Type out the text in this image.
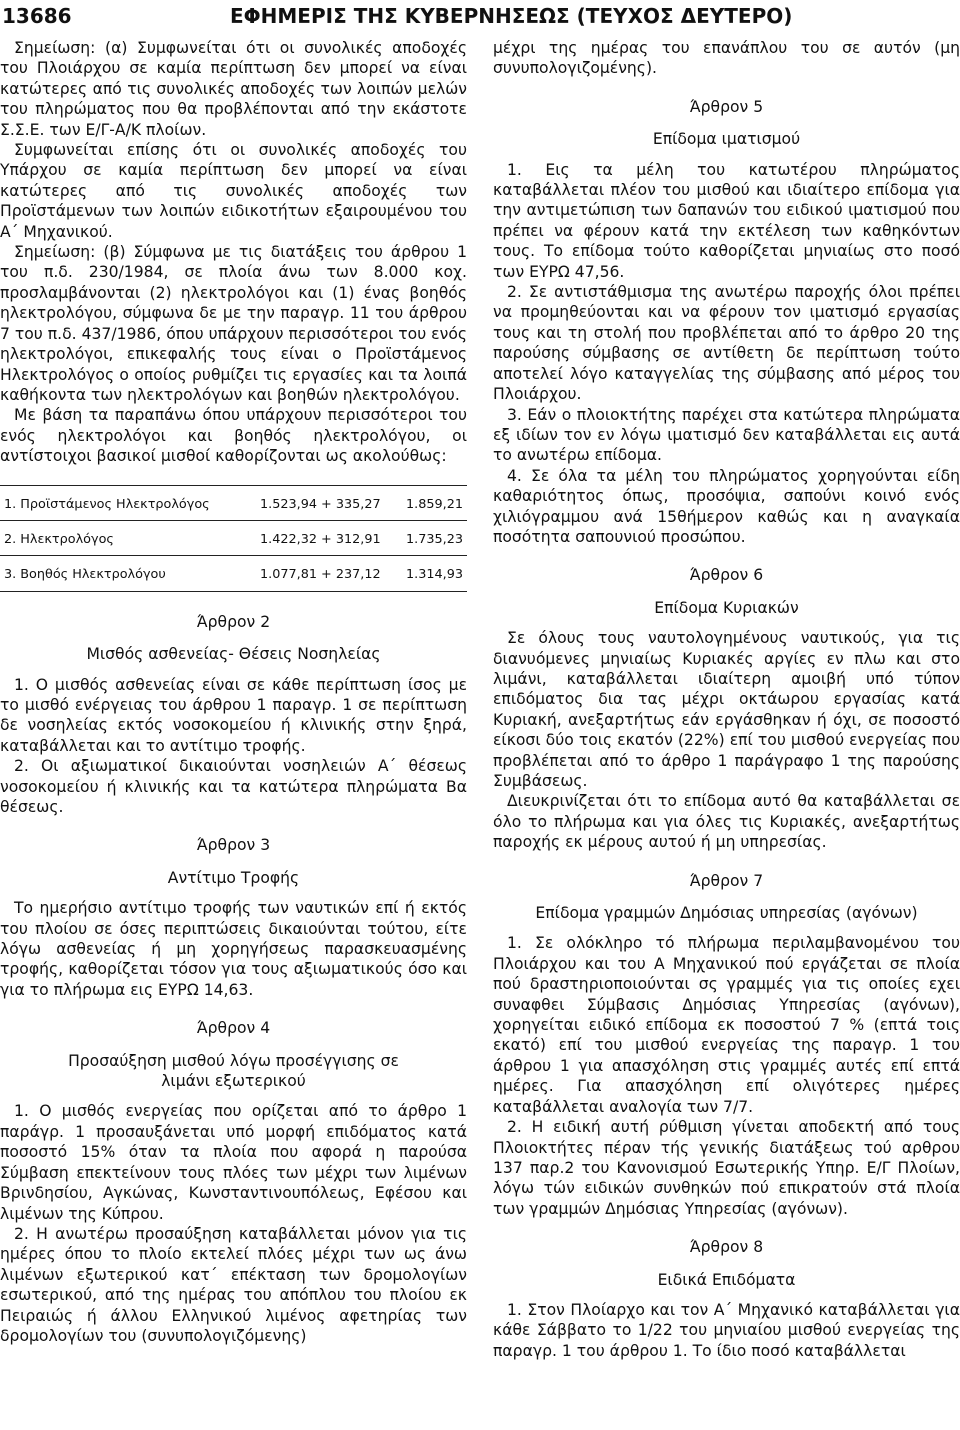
13686	ΕΦΗΜΕΡΙΣ ΤΗΣ ΚΥΒΕΡΝΗΣΕΩΣ (ΤΕΥΧΟΣ ΔΕΥΤΕΡΟ)

Σημείωση: (α) Συμφωνείται ότι οι συνολικές αποδοχές του Πλοιάρχου σε καμία περίπτωση δεν μπορεί να είναι κατώτερες από τις συνολικές αποδοχές των λοιπών μελών του πληρώματος που θα προβλέπονται από την εκάστοτε Σ.Σ.Ε. των Ε/Γ-Α/Κ πλοίων.

Συμφωνείται επίσης ότι οι συνολικές αποδοχές του Υπάρχου σε καμία περίπτωση δεν μπορεί να είναι κατώτερες από τις συνολικές αποδοχές των Προϊστάμενων των λοιπών ειδικοτήτων εξαιρουμένου του Α΄ Μηχανικού.

Σημείωση: (β) Σύμφωνα με τις διατάξεις του άρθρου 1 του π.δ. 230/1984, σε πλοία άνω των 8.000 κοχ. προσλαμβάνονται (2) ηλεκτρολόγοι και (1) ένας βοηθός ηλεκτρολόγου, σύμφωνα δε με την παραγρ. 11 του άρθρου 7 του π.δ. 437/1986, όπου υπάρχουν περισσότεροι του ενός ηλεκτρολόγοι, επικεφαλής τους είναι ο Προϊστάμενος Ηλεκτρολόγος ο οποίος ρυθμίζει τις εργασίες και τα λοιπά καθήκοντα των ηλεκτρολόγων και βοηθών ηλεκτρολόγου.

Με βάση τα παραπάνω όπου υπάρχουν περισσότεροι του ενός ηλεκτρολόγοι και βοηθός ηλεκτρολόγου, οι αντίστοιχοι βασικοί μισθοί καθορίζονται ως ακολούθως:

1. Προϊστάμενος Ηλεκτρολόγος	1.523,94 + 335,27	1.859,21
2. Ηλεκτρολόγος	1.422,32 + 312,91	1.735,23
3. Βοηθός Ηλεκτρολόγου	1.077,81 + 237,12	1.314,93
Άρθρον 2
Μισθός ασθενείας- Θέσεις Νοσηλείας

1. Ο μισθός ασθενείας είναι σε κάθε περίπτωση ίσος με το μισθό ενέργειας του άρθρου 1 παραγρ. 1 σε περίπτωση δε νοσηλείας εκτός νοσοκομείου ή κλινικής στην ξηρά, καταβάλλεται και το αντίτιμο τροφής.

2. Οι αξιωματικοί δικαιούνται νοσηλειών Α΄ θέσεως νοσοκομείου ή κλινικής και τα κατώτερα πληρώματα Βα θέσεως.

Άρθρον 3
Αντίτιμο Τροφής

Το ημερήσιο αντίτιμο τροφής των ναυτικών επί ή εκτός του πλοίου σε όσες περιπτώσεις δικαιούνται τούτου, είτε λόγω ασθενείας ή μη χορηγήσεως παρασκευασμένης τροφής, καθορίζεται τόσον για τους αξιωματικούς όσο και για το πλήρωμα εις ΕΥΡΩ 14,63.

Άρθρον 4
Προσαύξηση μισθού λόγω προσέγγισης σε
λιμάνι εξωτερικού

1. Ο μισθός ενεργείας που ορίζεται από το άρθρο 1 παράγρ. 1 προσαυξάνεται υπό μορφή επιδόματος κατά ποσοστό 15% όταν τα πλοία που αφορά η παρούσα Σύμβαση επεκτείνουν τους πλόες των μέχρι των λιμένων Βρινδησίου, Αγκώνας, Κωνσταντινουπόλεως, Εφέσου και λιμένων της Κύπρου.

2. Η ανωτέρω προσαύξηση καταβάλλεται μόνον για τις ημέρες όπου το πλοίο εκτελεί πλόες μέχρι των ως άνω λιμένων εξωτερικού κατ΄ επέκταση των δρομολογίων εσωτερικού, από της ημέρας του απόπλου του πλοίου εκ Πειραιώς ή άλλου Ελληνικού λιμένος αφετηρίας των δρομολογίων του (συνυπολογιζόμενης)

μέχρι της ημέρας του επανάπλου του σε αυτόν (μη συνυπολογιζομένης).

Άρθρον 5
Επίδομα ιματισμού

1. Εις τα μέλη του κατωτέρου πληρώματος καταβάλλεται πλέον του μισθού και ιδιαίτερο επίδομα για την αντιμετώπιση των δαπανών του ειδικού ιματισμού που πρέπει να φέρουν κατά την εκτέλεση των καθηκόντων τους. Το επίδομα τούτο καθορίζεται μηνιαίως στο ποσό των ΕΥΡΩ 47,56.

2. Σε αντιστάθμισμα της ανωτέρω παροχής όλοι πρέπει να προμηθεύονται και να φέρουν τον ιματισμό εργασίας τους και τη στολή που προβλέπεται από το άρθρο 20 της παρούσης σύμβασης σε αντίθετη δε περίπτωση τούτο αποτελεί λόγο καταγγελίας της σύμβασης από μέρος του Πλοιάρχου.

3. Εάν ο πλοιοκτήτης παρέχει στα κατώτερα πληρώματα εξ ιδίων τον εν λόγω ιματισμό δεν καταβάλλεται εις αυτά το ανωτέρω επίδομα.

4. Σε όλα τα μέλη του πληρώματος χορηγούνται είδη καθαριότητος όπως, προσόψια, σαπούνι κοινό ενός χιλιόγραμμου ανά 15θήμερον καθώς και η αναγκαία ποσότητα σαπουνιού προσώπου.

Άρθρον 6
Επίδομα Κυριακών

Σε όλους τους ναυτολογημένους ναυτικούς, για τις διανυόμενες μηνιαίως Κυριακές αργίες εν πλω και στο λιμάνι, καταβάλλεται ιδιαίτερη αμοιβή υπό τύπον επιδόματος δια τας μέχρι οκτάωρου εργασίας κατά Κυριακή, ανεξαρτήτως εάν εργάσθηκαν ή όχι, σε ποσοστό είκοσι δύο τοις εκατόν (22%) επί του μισθού ενεργείας που προβλέπεται από το άρθρο 1 παράγραφο 1 της παρούσης Συμβάσεως.

Διευκρινίζεται ότι το επίδομα αυτό θα καταβάλλεται σε όλο το πλήρωμα και για όλες τις Κυριακές, ανεξαρτήτως παροχής εκ μέρους αυτού ή μη υπηρεσίας.

Άρθρον 7
Επίδομα γραμμών Δημόσιας υπηρεσίας (αγόνων)

1. Σε ολόκληρο τό πλήρωμα περιλαμβανομένου του Πλοιάρχου και του Α Μηχανικού πού εργάζεται σε πλοία πού δραστηριοποιούνται σς γραμμές για τις οποίες εχει συναφθει Σύμβασις Δημόσιας Υπηρεσίας (αγόνων), χορηγείται ειδικό επίδομα εκ ποσοστού 7 % (επτά τοις εκατό) επί του μισθού ενεργείας της παραγρ. 1 του άρθρου 1 για απασχόληση στις γραμμές αυτές επί επτά ημέρες. Για απασχόληση επί ολιγότερες ημέρες καταβάλλεται αναλογία των 7/7.

2. Η ειδική αυτή ρύθμιση γίνεται αποδεκτή από τους Πλοιοκτήτες πέραν τής γενικής διατάξεως τού αρθρου 137 παρ.2 του Κανονισμού Εσωτερικής Υπηρ. Ε/Γ Πλοίων, λόγω τών ειδικών συνθηκών πού επικρατούν στά πλοία των γραμμών Δημόσιας Υπηρεσίας (αγόνων).

Άρθρον 8
Ειδικά Επιδόματα

1. Στον Πλοίαρχο και τον Α΄ Μηχανικό καταβάλλεται για κάθε Σάββατο το 1/22 του μηνιαίου μισθού ενεργείας της παραγρ. 1 του άρθρου 1. Το ίδιο ποσό καταβάλλεται
